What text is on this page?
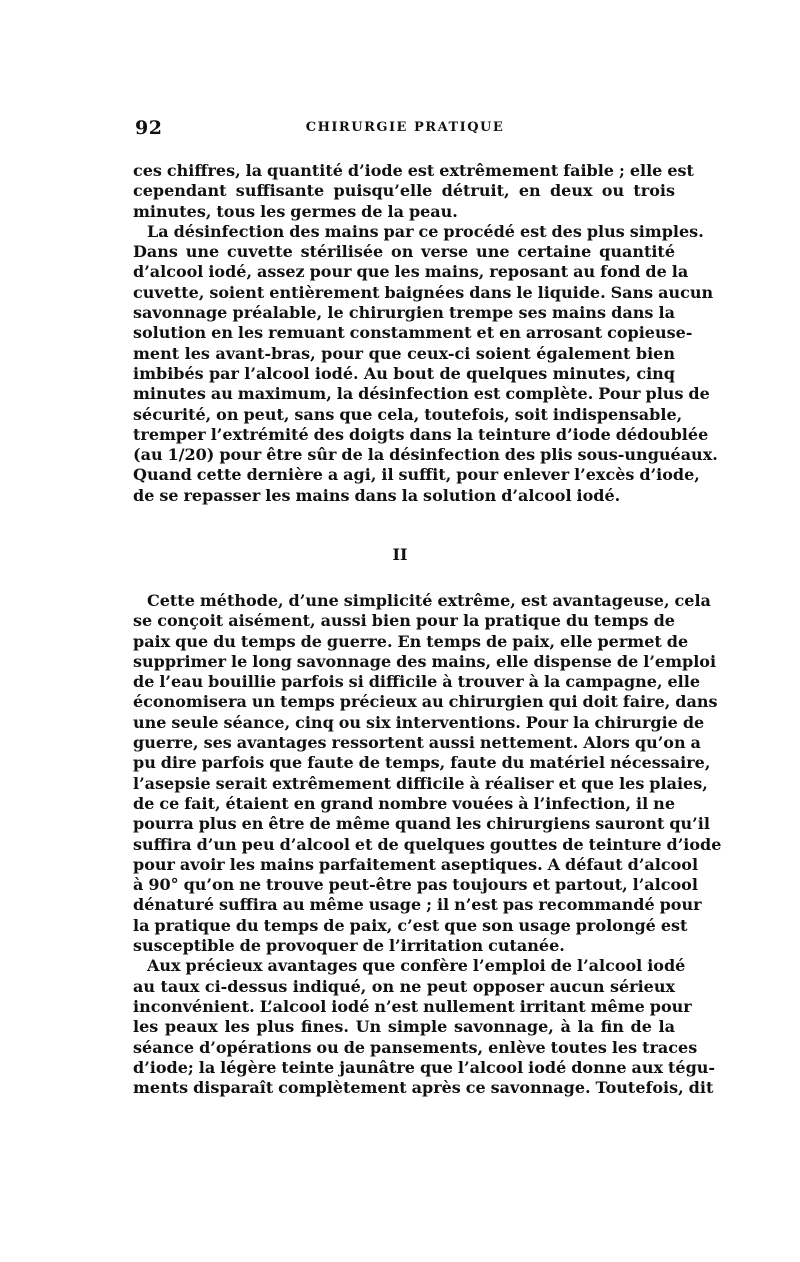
92	CHIRURGIE PRATIQUE
ces chiffres, la quantité d’iode est extrêmement faible ; elle est
cependant suffisante puisqu’elle détruit, en deux ou trois
minutes, tous les germes de la peau.
La désinfection des mains par ce procédé est des plus simples.
Dans une cuvette stérilisée on verse une certaine quantité
d’alcool iodé, assez pour que les mains, reposant au fond de la
cuvette, soient entièrement baignées dans le liquide. Sans aucun
savonnage préalable, le chirurgien trempe ses mains dans la
solution en les remuant constamment et en arrosant copieuse-
ment les avant-bras, pour que ceux-ci soient également bien
imbibés par l’alcool iodé. Au bout de quelques minutes, cinq
minutes au maximum, la désinfection est complète. Pour plus de
sécurité, on peut, sans que cela, toutefois, soit indispensable,
tremper l’extrémité des doigts dans la teinture d’iode dédoublée
(au 1/20) pour être sûr de la désinfection des plis sous-unguéaux.
Quand cette dernière a agi, il suffit, pour enlever l’excès d’iode,
de se repasser les mains dans la solution d’alcool iodé.
II
Cette méthode, d’une simplicité extrême, est avantageuse, cela
se conçoit aisément, aussi bien pour la pratique du temps de
paix que du temps de guerre. En temps de paix, elle permet de
supprimer le long savonnage des mains, elle dispense de l’emploi
de l’eau bouillie parfois si difficile à trouver à la campagne, elle
économisera un temps précieux au chirurgien qui doit faire, dans
une seule séance, cinq ou six interventions. Pour la chirurgie de
guerre, ses avantages ressortent aussi nettement. Alors qu’on a
pu dire parfois que faute de temps, faute du matériel nécessaire,
l’asepsie serait extrêmement difficile à réaliser et que les plaies,
de ce fait, étaient en grand nombre vouées à l’infection, il ne
pourra plus en être de même quand les chirurgiens sauront qu’il
suffira d’un peu d’alcool et de quelques gouttes de teinture d’iode
pour avoir les mains parfaitement aseptiques. A défaut d’alcool
à 90° qu’on ne trouve peut-être pas toujours et partout, l’alcool
dénaturé suffira au même usage ; il n’est pas recommandé pour
la pratique du temps de paix, c’est que son usage prolongé est
susceptible de provoquer de l’irritation cutanée.
Aux précieux avantages que confère l’emploi de l’alcool iodé
au taux ci-dessus indiqué, on ne peut opposer aucun sérieux
inconvénient. L’alcool iodé n’est nullement irritant même pour
les peaux les plus fines. Un simple savonnage, à la fin de la
séance d’opérations ou de pansements, enlève toutes les traces
d’iode; la légère teinte jaunâtre que l’alcool iodé donne aux tégu-
ments disparaît complètement après ce savonnage. Toutefois, dit
